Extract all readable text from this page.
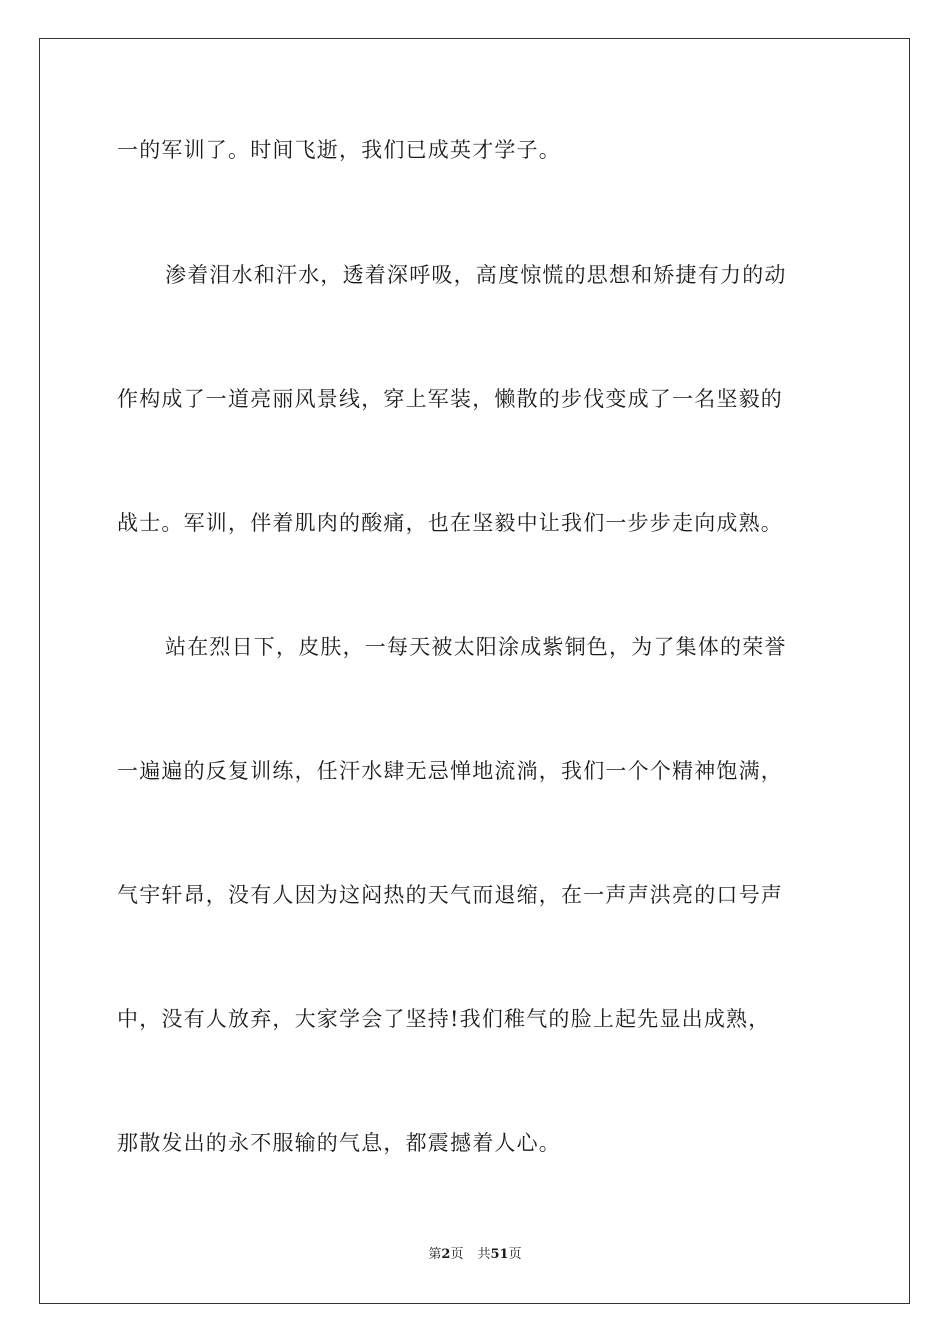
一的军训了。时间飞逝，我们已成英才学子。
渗着泪水和汗水，透着深呼吸，高度惊慌的思想和矫捷有力的动
作构成了一道亮丽风景线，穿上军装，懒散的步伐变成了一名坚毅的
战士。军训，伴着肌肉的酸痛，也在坚毅中让我们一步步走向成熟。
站在烈日下，皮肤，一每天被太阳涂成紫铜色，为了集体的荣誉
一遍遍的反复训练，任汗水肆无忌惮地流淌，我们一个个精神饱满，
气宇轩昂，没有人因为这闷热的天气而退缩，在一声声洪亮的口号声
中，没有人放弃，大家学会了坚持!我们稚气的脸上起先显出成熟，
那散发出的永不服输的气息，都震撼着人心。
第2页 共51页
